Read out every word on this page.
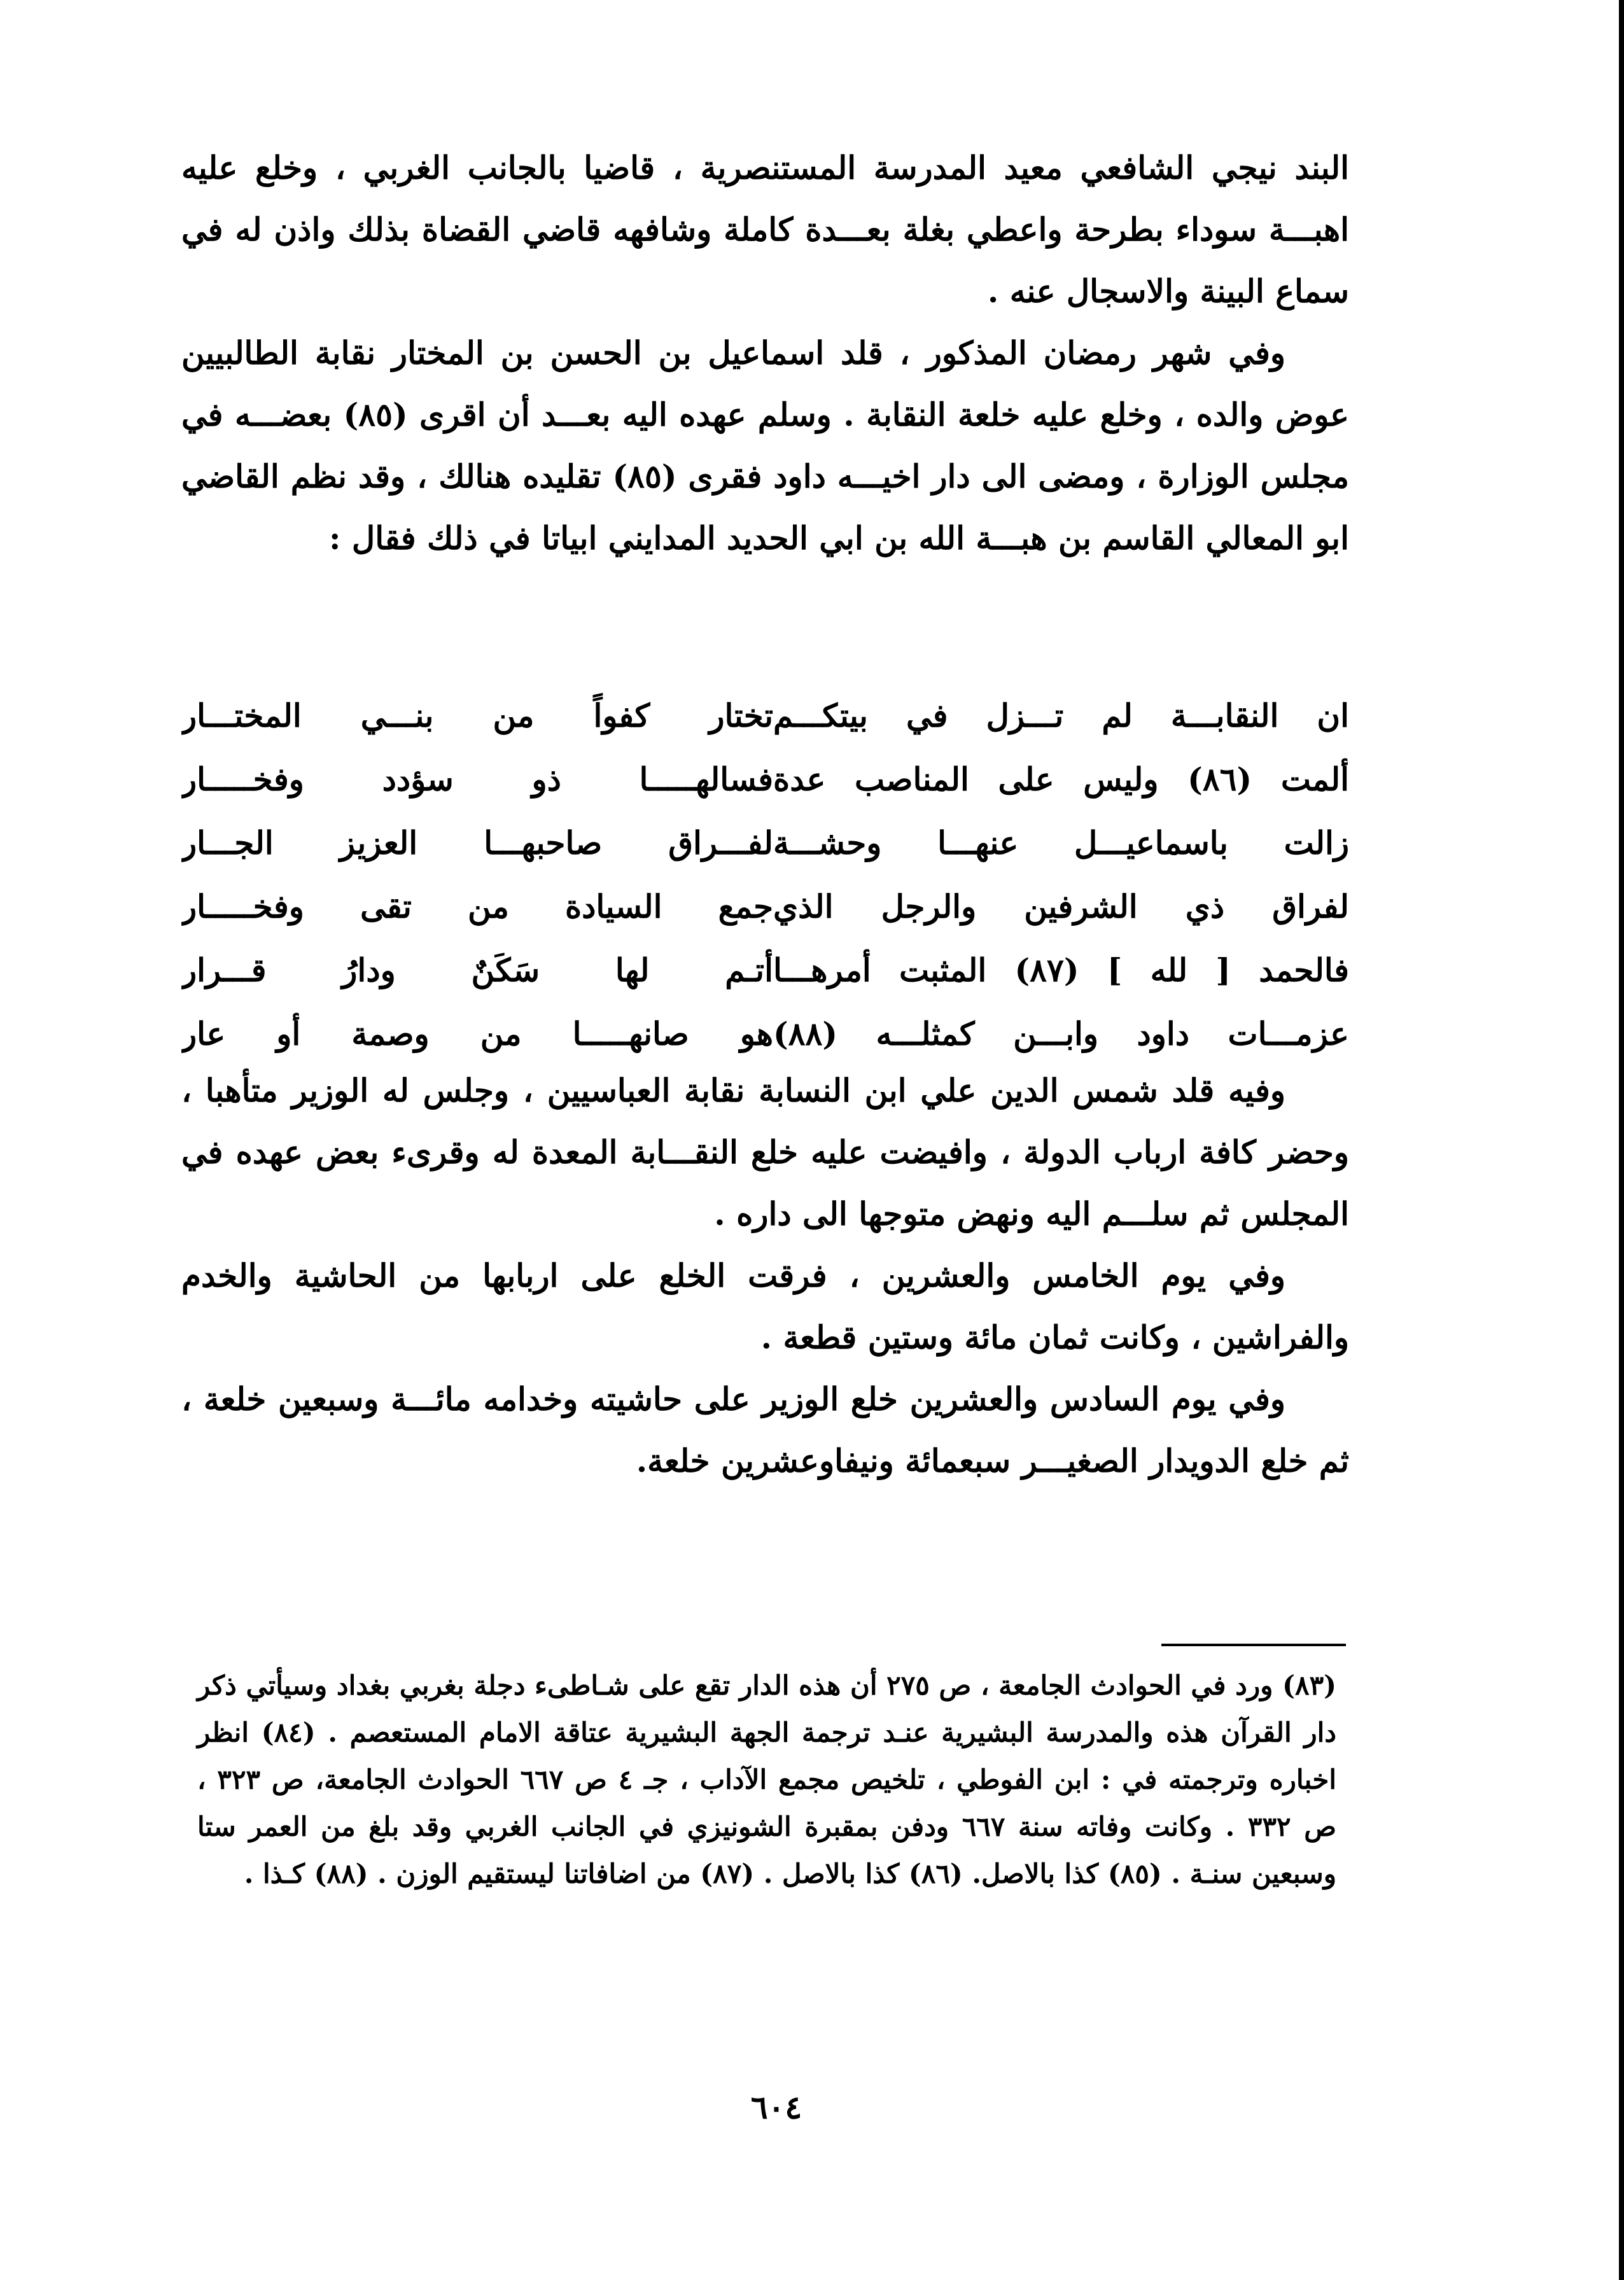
البند نيجي الشافعي معيد المدرسة المستنصرية ، قاضيا بالجانب الغربي ، وخلع عليه اهبـــة سوداء بطرحة واعطي بغلة بعـــدة كاملة وشافهه قاضي القضاة بذلك واذن له في سماع البينة والاسجال عنه .

وفي شهر رمضان المذكور ، قلد اسماعيل بن الحسن بن المختار نقابة الطالبيين عوض والده ، وخلع عليه خلعة النقابة . وسلم عهده اليه بعـــد أن اقرى (٨٥) بعضـــه في مجلس الوزارة ، ومضى الى دار اخيـــه داود فقرى (٨٥) تقليده هنالك ، وقد نظم القاضي ابو المعالي القاسم بن هبـــة الله بن ابي الحديد المدايني ابياتا في ذلك فقال :

ان النقابـــة لم تـــزل في بيتكـــم
تختار كفواً من بنـــي المختـــار
ألمت (٨٦) وليس على المناصب عدة
فسالهـــــا ذو سؤدد وفخـــــار
زالت باسماعيـــل عنهـــا وحشـــة
لفـــراق صاحبهـــا العزيز الجـــار
لفراق ذي الشرفين والرجل الذي
جمع السيادة من تقى وفخـــــار
فالحمد [ لله ] (٨٧) المثبت أمرهـــا
أتـم لها سَكَنٌ ودارُ قـــرار
عزمـــات داود وابـــن كمثلـــه (٨٨)
هو صانهـــــا من وصمة أو عار

وفيه قلد شمس الدين علي ابن النسابة نقابة العباسيين ، وجلس له الوزير متأهبا ، وحضر كافة ارباب الدولة ، وافيضت عليه خلع النقـــابة المعدة له وقرىء بعض عهده في المجلس ثم سلـــم اليه ونهض متوجها الى داره .

وفي يوم الخامس والعشرين ، فرقت الخلع على اربابها من الحاشية والخدم والفراشين ، وكانت ثمان مائة وستين قطعة .

وفي يوم السادس والعشرين خلع الوزير على حاشيته وخدامه مائـــة وسبعين خلعة ، ثم خلع الدويدار الصغيـــر سبعمائة ونيفاوعشرين خلعة.

(٨٣) ورد في الحوادث الجامعة ، ص ٢٧٥ أن هذه الدار تقع على شـاطىء دجلة بغربي بغداد وسيأتي ذكر دار القرآن هذه والمدرسة البشيرية عنـد ترجمة الجهة البشيرية عتاقة الامام المستعصم . (٨٤) انظر اخباره وترجمته في : ابن الفوطي ، تلخيص مجمع الآداب ، جـ ٤ ص ٦٦٧ الحوادث الجامعة، ص ٣٢٣ ، ص ٣٣٢ . وكانت وفاته سنة ٦٦٧ ودفن بمقبرة الشونيزي في الجانب الغربي وقد بلغ من العمر ستا وسبعين سنـة . (٨٥) كذا بالاصل. (٨٦) كذا بالاصل . (٨٧) من اضافاتنا ليستقيم الوزن . (٨٨) كـذا .

٦٠٤
